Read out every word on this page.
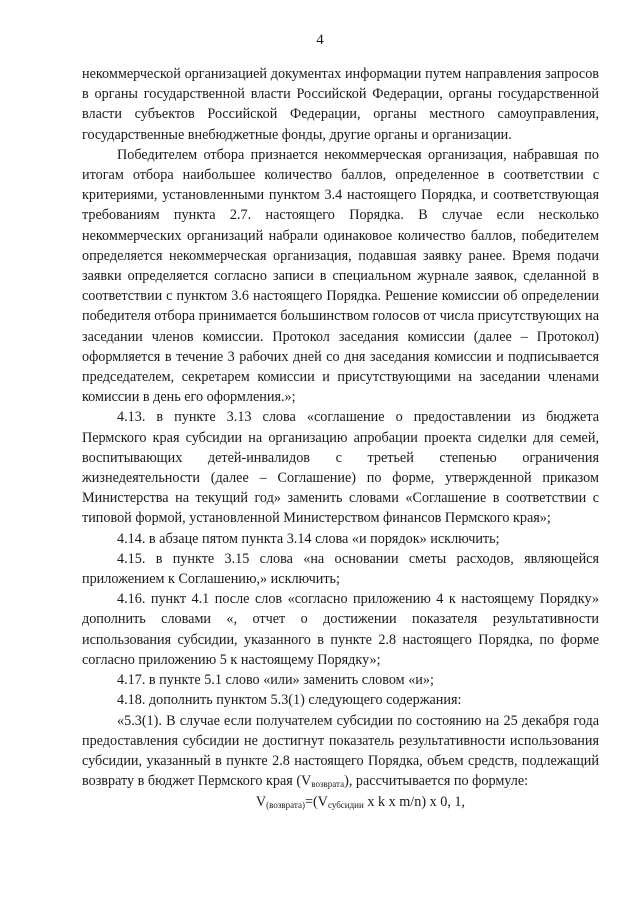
4

некоммерческой организацией документах информации путем направления запросов в органы государственной власти Российской Федерации, органы государственной власти субъектов Российской Федерации, органы местного самоуправления, государственные внебюджетные фонды, другие органы и организации.

Победителем отбора признается некоммерческая организация, набравшая по итогам отбора наибольшее количество баллов, определенное в соответствии с критериями, установленными пунктом 3.4 настоящего Порядка, и соответствующая требованиям пункта 2.7. настоящего Порядка. В случае если несколько некоммерческих организаций набрали одинаковое количество баллов, победителем определяется некоммерческая организация, подавшая заявку ранее. Время подачи заявки определяется согласно записи в специальном журнале заявок, сделанной в соответствии с пунктом 3.6 настоящего Порядка. Решение комиссии об определении победителя отбора принимается большинством голосов от числа присутствующих на заседании членов комиссии. Протокол заседания комиссии (далее – Протокол) оформляется в течение 3 рабочих дней со дня заседания комиссии и подписывается председателем, секретарем комиссии и присутствующими на заседании членами комиссии в день его оформления.»;

4.13. в пункте 3.13 слова «соглашение о предоставлении из бюджета Пермского края субсидии на организацию апробации проекта сиделки для семей, воспитывающих детей-инвалидов с третьей степенью ограничения жизнедеятельности (далее – Соглашение) по форме, утвержденной приказом Министерства на текущий год» заменить словами «Соглашение в соответствии с типовой формой, установленной Министерством финансов Пермского края»;

4.14. в абзаце пятом пункта 3.14 слова «и порядок» исключить;

4.15. в пункте 3.15 слова «на основании сметы расходов, являющейся приложением к Соглашению,» исключить;

4.16. пункт 4.1 после слов «согласно приложению 4 к настоящему Порядку» дополнить словами «, отчет о достижении показателя результативности использования субсидии, указанного в пункте 2.8 настоящего Порядка, по форме согласно приложению 5 к настоящему Порядку»;

4.17. в пункте 5.1 слово «или» заменить словом «и»;

4.18. дополнить пунктом 5.3(1) следующего содержания:

«5.3(1). В случае если получателем субсидии по состоянию на 25 декабря года предоставления субсидии не достигнут показатель результативности использования субсидии, указанный в пункте 2.8 настоящего Порядка, объем средств, подлежащий возврату в бюджет Пермского края $(V_{возврата})$, рассчитывается по формуле:

$V_{(возврата)}=(V_{субсидии}$ x k x m/n) x 0, 1,
